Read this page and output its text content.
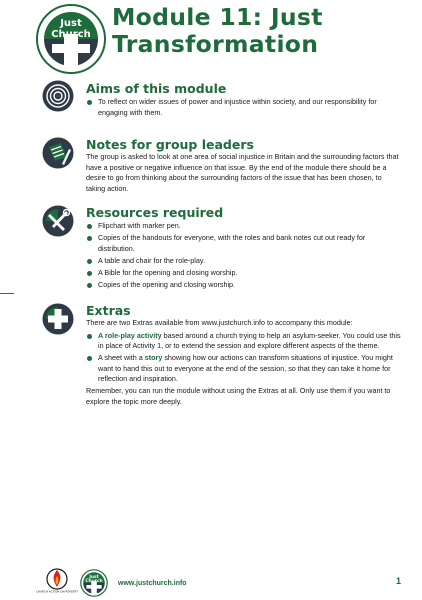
Just
Church
Module 11: Just Transformation
Aims of this module
To reflect on wider issues of power and injustice within society, and our responsibility for engaging with them.
Notes for group leaders

The group is asked to look at one area of social injustice in Britain and the surrounding factors that have a positive or negative influence on that issue. By the end of the module there should be a desire to go from thinking about the surrounding factors of the issue that has been chosen, to taking action.

Resources required
Flipchart with marker pen.
Copies of the handouts for everyone, with the roles and bank notes cut out ready for distribution.
A table and chair for the role-play.
A Bible for the opening and closing worship.
Copies of the opening and closing worship.
Extras

There are two Extras available from www.justchurch.info to accompany this module:

A role-play activity based around a church trying to help an asylum-seeker. You could use this in place of Activity 1, or to extend the session and explore different aspects of the theme.
A sheet with a story showing how our actions can transform situations of injustice. You might want to hand this out to everyone at the end of the session, so that they can take it home for reflection and inspiration.

Remember, you can run the module without using the Extras at all. Only use them if you want to explore the topic more deeply.

CHURCH ACTION ON POVERTY
Just
Church www.justchurch.info	1
